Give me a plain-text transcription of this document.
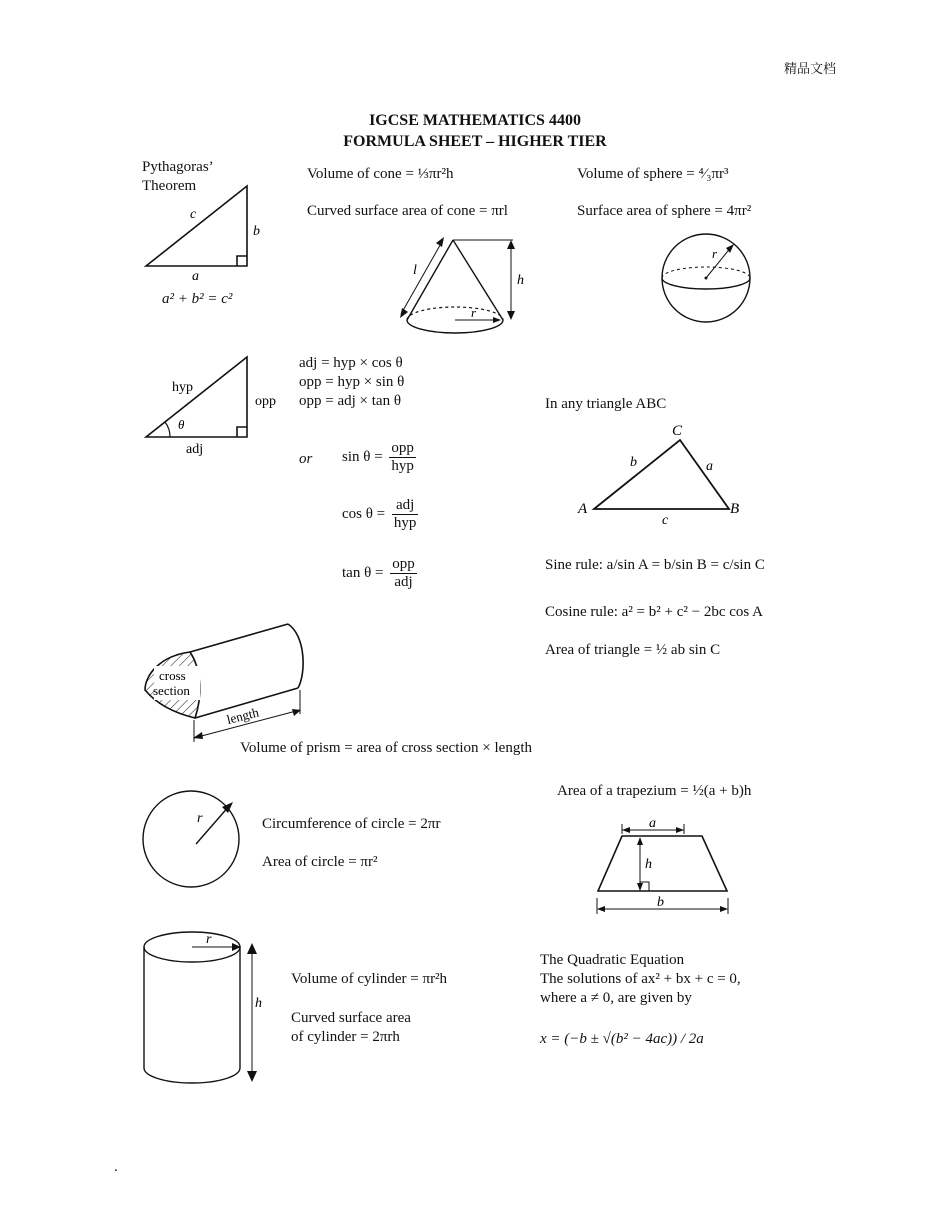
精品文档
IGCSE MATHEMATICS 4400
FORMULA SHEET – HIGHER TIER
Pythagoras’ Theorem
c
b
a
a² + b² = c²
Volume of cone = ⅓πr²h
Curved surface area of cone = πrl
l
h
r
Volume of sphere = ⁴⁄₃πr³
Surface area of sphere = 4πr²
r
hyp
opp
adj
θ
adj = hyp × cos θ
opp = hyp × sin θ
opp = adj × tan θ
or $\sin \theta = \frac{\text{opp}}{\text{hyp}}$
$\cos \theta = \frac{\text{adj}}{\text{hyp}}$
$\tan \theta = \frac{\text{opp}}{\text{adj}}$
In any triangle ABC
C
A	B
b	a
c
Sine rule: a/sin A = b/sin B = c/sin C
Cosine rule: a² = b² + c² − 2bc cos A
Area of triangle = ½ ab sin C
cross
section
length
Volume of prism = area of cross section × length
r	Circumference of circle = 2πr
Area of circle = πr²
Area of a trapezium = ½(a + b)h
a
h
b
r
h
Volume of cylinder = πr²h
Curved surface area
of cylinder = 2πrh
The Quadratic Equation
The solutions of ax² + bx + c = 0,
where a ≠ 0, are given by
x = (−b ± √(b² − 4ac)) / 2a
.
